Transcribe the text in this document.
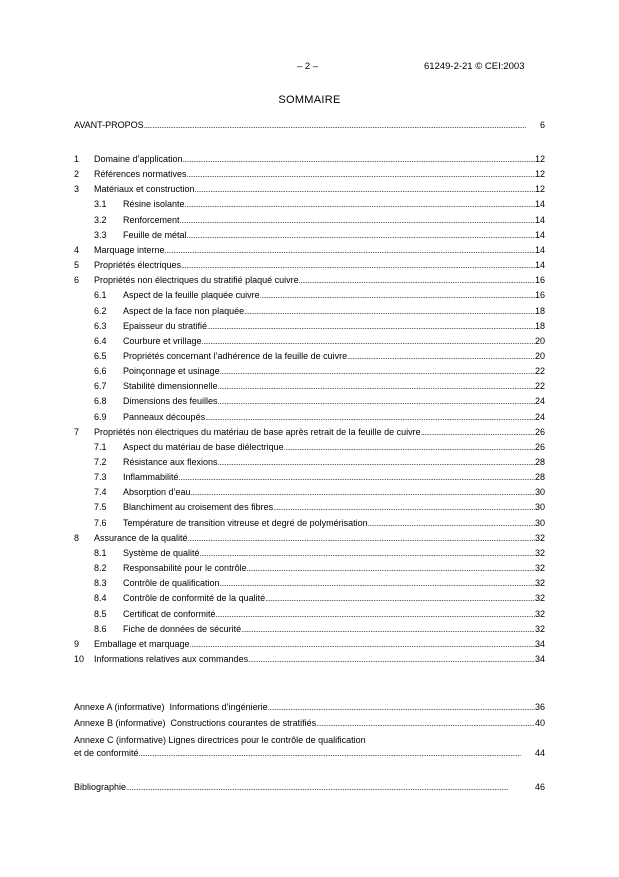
– 2 –	61249-2-21 © CEI:2003
SOMMAIRE
AVANT-PROPOS . . .	6
1	Domaine d’application . . .	12
2	Références normatives . . .	12
3	Matériaux et construction . . .	12
3.1	Résine isolante . . .	14
3.2	Renforcement . . .	14
3.3	Feuille de métal . . .	14
4	Marquage interne . . .	14
5	Propriétés électriques . . .	14
6	Propriétés non électriques du stratifié plaqué cuivre . . .	16
6.1	Aspect de la feuille plaquée cuivre . . .	16
6.2	Aspect de la face non plaquée . . .	18
6.3	Epaisseur du stratifié . . .	18
6.4	Courbure et vrillage . . .	20
6.5	Propriétés concernant l’adhérence de la feuille de cuivre . . .	20
6.6	Poinçonnage et usinage . . .	22
6.7	Stabilité dimensionnelle . . .	22
6.8	Dimensions des feuilles . . .	24
6.9	Panneaux découpés . . .	24
7	Propriétés non électriques du matériau de base après retrait de la feuille de cuivre . . .	26
7.1	Aspect du matériau de base diélectrique . . .	26
7.2	Résistance aux flexions . . .	28
7.3	Inflammabilité . . .	28
7.4	Absorption d’eau . . .	30
7.5	Blanchiment au croisement des fibres . . .	30
7.6	Température de transition vitreuse et degré de polymérisation . . .	30
8	Assurance de la qualité . . .	32
8.1	Système de qualité . . .	32
8.2	Responsabilité pour le contrôle . . .	32
8.3	Contrôle de qualification . . .	32
8.4	Contrôle de conformité de la qualité . . .	32
8.5	Certificat de conformité . . .	32
8.6	Fiche de données de sécurité . . .	32
9	Emballage et marquage . . .	34
10	Informations relatives aux commandes . . .	34
Annexe A (informative)  Informations d’ingénierie . . .	36
Annexe B (informative)  Constructions courantes de stratifiés . . .	40
Annexe C (informative) Lignes directrices pour le contrôle de qualification
et de conformité . . .	44
Bibliographie . . .	46
